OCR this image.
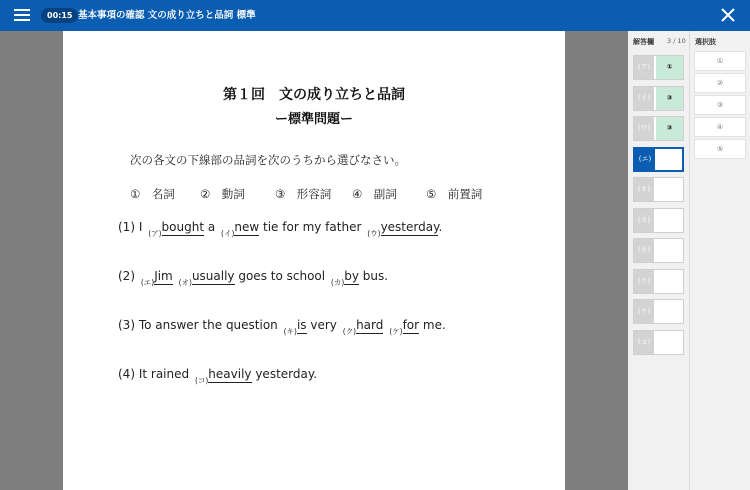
00:15 基本事項の確認 文の成り立ちと品詞 標準
第１回　文の成り立ちと品詞
ー標準問題ー
次の各文の下線部の品詞を次のうちから選びなさい。
①　名詞 ②　動詞	③　形容詞 ④　副詞	⑤　前置詞
(1) I $_{(ア)}$bought a $_{(イ)}$new tie for my father $_{(ウ)}$yesterday.
(2) $_{(エ)}$Jim $_{(オ)}$usually goes to school $_{(カ)}$by bus.
(3) To answer the question $_{(キ)}$is very $_{(ク)}$hard $_{(ケ)}$for me.
(4) It rained $_{(コ)}$heavily yesterday.
解答欄 3 / 10
(ア)	①
(イ)	③
(ウ)	③
(エ)
(オ)
(カ)
(キ)
(ク)
(ケ)
(コ)
選択肢
①
②
③
④
⑤
